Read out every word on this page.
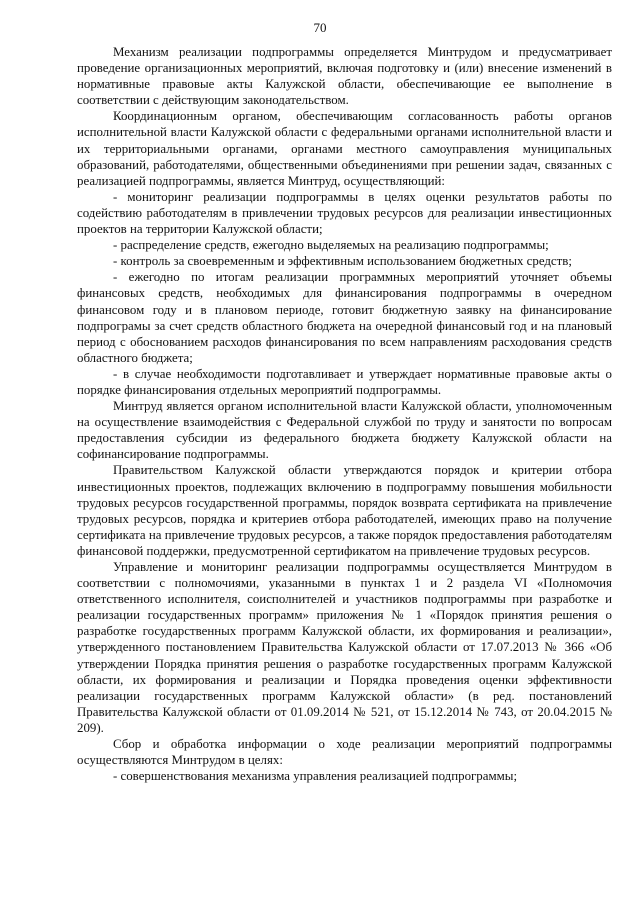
70

Механизм реализации подпрограммы определяется Минтрудом и предусматривает проведение организационных мероприятий, включая подготовку и (или) внесение изменений в нормативные правовые акты Калужской области, обеспечивающие ее выполнение в соответствии с действующим законодательством.

Координационным органом, обеспечивающим согласованность работы органов исполнительной власти Калужской области с федеральными органами исполнительной власти и их территориальными органами, органами местного самоуправления муниципальных образований, работодателями, общественными объединениями при решении задач, связанных с реализацией подпрограммы, является Минтруд, осуществляющий:

- мониторинг реализации подпрограммы в целях оценки результатов работы по содействию работодателям в привлечении трудовых ресурсов для реализации инвестиционных проектов на территории Калужской области;

- распределение средств, ежегодно выделяемых на реализацию подпрограммы;

- контроль за своевременным и эффективным использованием бюджетных средств;

- ежегодно по итогам реализации программных мероприятий уточняет объемы финансовых средств, необходимых для финансирования подпрограммы в очередном финансовом году и в плановом периоде, готовит бюджетную заявку на финансирование подпрограмы за счет средств областного бюджета на очередной финансовый год и на плановый период с обоснованием расходов финансирования по всем направлениям расходования средств областного бюджета;

- в случае необходимости подготавливает и утверждает нормативные правовые акты о порядке финансирования отдельных мероприятий подпрограммы.

Минтруд является органом исполнительной власти Калужской области, уполномоченным на осуществление взаимодействия с Федеральной службой по труду и занятости по вопросам предоставления субсидии из федерального бюджета бюджету Калужской области на софинансирование подпрограммы.

Правительством Калужской области утверждаются порядок и критерии отбора инвестиционных проектов, подлежащих включению в подпрограмму повышения мобильности трудовых ресурсов государственной программы, порядок возврата сертификата на привлечение трудовых ресурсов, порядка и критериев отбора работодателей, имеющих право на получение сертификата на привлечение трудовых ресурсов, а также порядок предоставления работодателям финансовой поддержки, предусмотренной сертификатом на привлечение трудовых ресурсов.

Управление и мониторинг реализации подпрограммы осуществляется Минтрудом в соответствии с полномочиями, указанными в пунктах 1 и 2 раздела VI «Полномочия ответственного исполнителя, соисполнителей и участников подпрограммы при разработке и реализации государственных программ» приложения № 1 «Порядок принятия решения о разработке государственных программ Калужской области, их формирования и реализации», утвержденного постановлением Правительства Калужской области от 17.07.2013 № 366 «Об утверждении Порядка принятия решения о разработке государственных программ Калужской области, их формирования и реализации и Порядка проведения оценки эффективности реализации государственных программ Калужской области» (в ред. постановлений Правительства Калужской области от 01.09.2014 № 521, от 15.12.2014 № 743, от 20.04.2015 № 209).

Сбор и обработка информации о ходе реализации мероприятий подпрограммы осуществляются Минтрудом в целях:

- совершенствования механизма управления реализацией подпрограммы;
